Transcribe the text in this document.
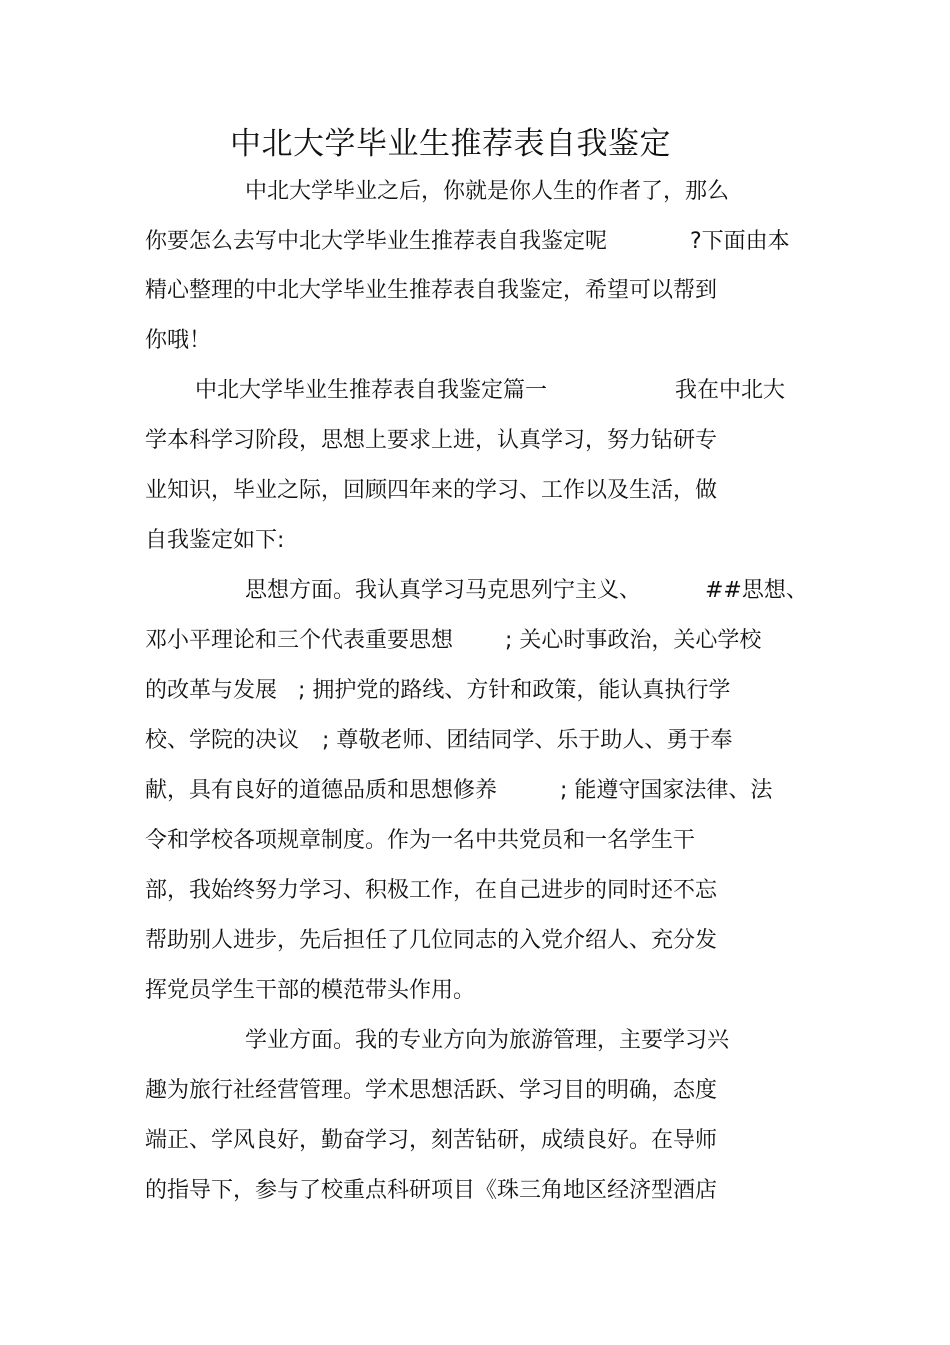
中北大学毕业生推荐表自我鉴定
中北大学毕业之后，你就是你人生的作者了，那么
你要怎么去写中北大学毕业生推荐表自我鉴定呢	?下面由本
精心整理的中北大学毕业生推荐表自我鉴定，希望可以帮到
你哦！
中北大学毕业生推荐表自我鉴定篇一	我在中北大
学本科学习阶段，思想上要求上进，认真学习，努力钻研专
业知识，毕业之际，回顾四年来的学习、工作以及生活，做
自我鉴定如下:
思想方面。我认真学习马克思列宁主义、	##思想、
邓小平理论和三个代表重要思想 ; 关心时事政治，关心学校
的改革与发展 ; 拥护党的路线、方针和政策，能认真执行学
校、学院的决议 ; 尊敬老师、团结同学、乐于助人、勇于奉
献，具有良好的道德品质和思想修养	; 能遵守国家法律、法
令和学校各项规章制度。作为一名中共党员和一名学生干
部，我始终努力学习、积极工作，在自己进步的同时还不忘
帮助别人进步，先后担任了几位同志的入党介绍人、充分发
挥党员学生干部的模范带头作用。
学业方面。我的专业方向为旅游管理，主要学习兴
趣为旅行社经营管理。学术思想活跃、学习目的明确，态度
端正、学风良好，勤奋学习，刻苦钻研，成绩良好。在导师
的指导下，参与了校重点科研项目《珠三角地区经济型酒店
